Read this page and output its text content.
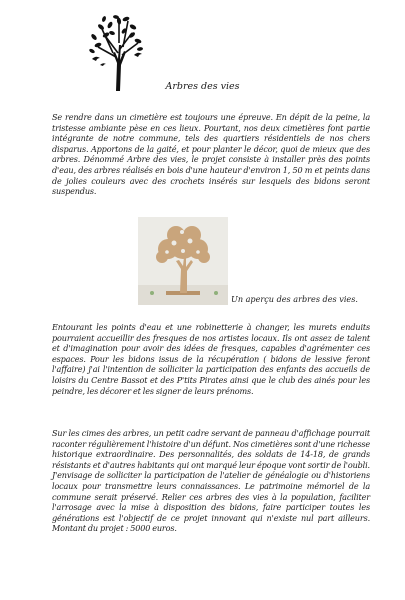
Arbres des vies

Se rendre dans un cimetière est toujours une épreuve. En dépit de la peine, la tristesse ambiante pèse en ces lieux. Pourtant, nos deux cimetières font partie intégrante de notre commune, tels des quartiers résidentiels de nos chers disparus. Apportons de la gaité, et pour planter le décor, quoi de mieux que des arbres. Dénommé Arbre des vies, le projet consiste à installer près des points d'eau, des arbres réalisés en bois d'une hauteur d'environ 1, 50 m et peints dans de jolies couleurs avec des crochets insérés sur lesquels des bidons seront suspendus.

Un aperçu des arbres des vies.

Entourant les points d'eau et une robinetterie à changer, les murets enduits pourraient accueillir des fresques de nos artistes locaux. Ils ont assez de talent et d'imagination pour avoir des idées de fresques, capables d'agrémenter ces espaces. Pour les bidons issus de la récupération ( bidons de lessive feront l'affaire) j'ai l'intention de solliciter la participation des enfants des accueils de loisirs du Centre Bassot et des P'tits Pirates ainsi que le club des ainés pour les peindre, les décorer et les signer de leurs prénoms.

Sur les cimes des arbres, un petit cadre servant de panneau d'affichage pourrait raconter régulièrement l'histoire d'un défunt. Nos cimetières sont d'une richesse historique extraordinaire. Des personnalités, des soldats de 14-18, de grands résistants et d'autres habitants qui ont marqué leur époque vont sortir de l'oubli. J'envisage de solliciter la participation de l'atelier de généalogie ou d'historiens locaux pour transmettre leurs connaissances. Le patrimoine mémoriel de la commune serait préservé. Relier ces arbres des vies à la population, faciliter l'arrosage avec la mise à disposition des bidons, faire participer toutes les générations est l'objectif de ce projet innovant qui n'existe nul part ailleurs. Montant du projet : 5000 euros.
